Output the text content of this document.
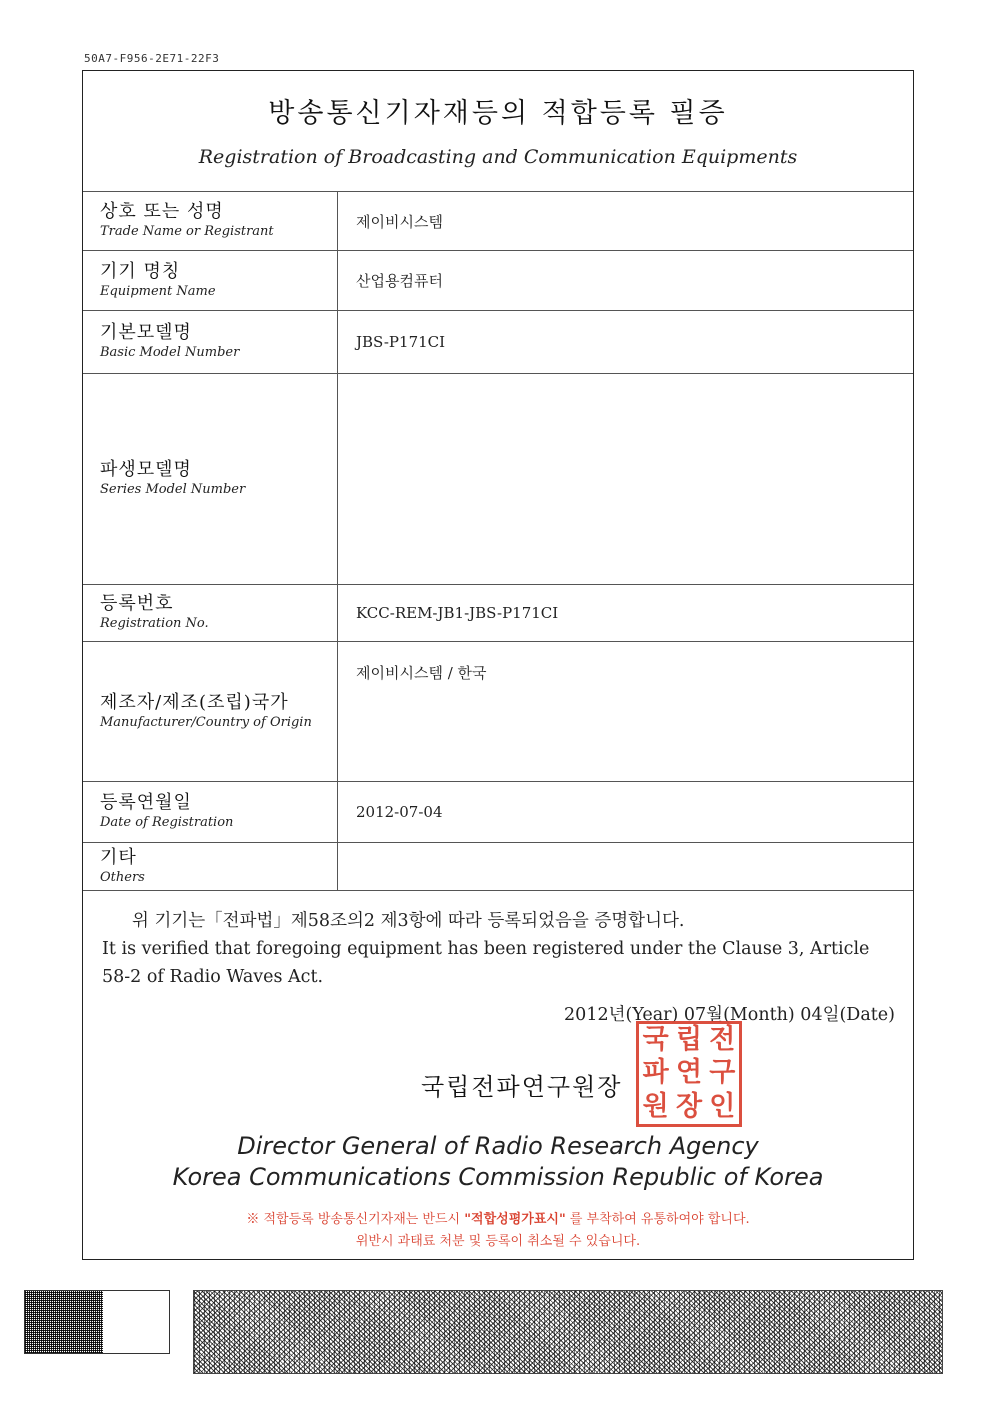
50A7-F956-2E71-22F3
방송통신기자재등의 적합등록 필증
Registration of Broadcasting and Communication Equipments
상호 또는 성명
Trade Name or Registrant
제이비시스템
기기 명칭
Equipment Name
산업용컴퓨터
기본모델명
Basic Model Number
JBS-P171CI
파생모델명
Series Model Number
등록번호
Registration No.
KCC-REM-JB1-JBS-P171CI
제조자/제조(조립)국가
Manufacturer/Country of Origin
제이비시스템 / 한국
등록연월일
Date of Registration
2012-07-04
기타
Others
위 기기는「전파법」제58조의2 제3항에 따라 등록되었음을 증명합니다.
It is verified that foregoing equipment has been registered under the Clause 3, Article 58-2 of Radio Waves Act.
2012년(Year) 07월(Month) 04일(Date)
국립전파연구원장
국 립 전
파 연 구
원 장 인
Director General of Radio Research Agency
Korea Communications Commission Republic of Korea
※ 적합등록 방송통신기자재는 반드시 "적합성평가표시" 를 부착하여 유통하여야 합니다.
위반시 과태료 처분 및 등록이 취소될 수 있습니다.
